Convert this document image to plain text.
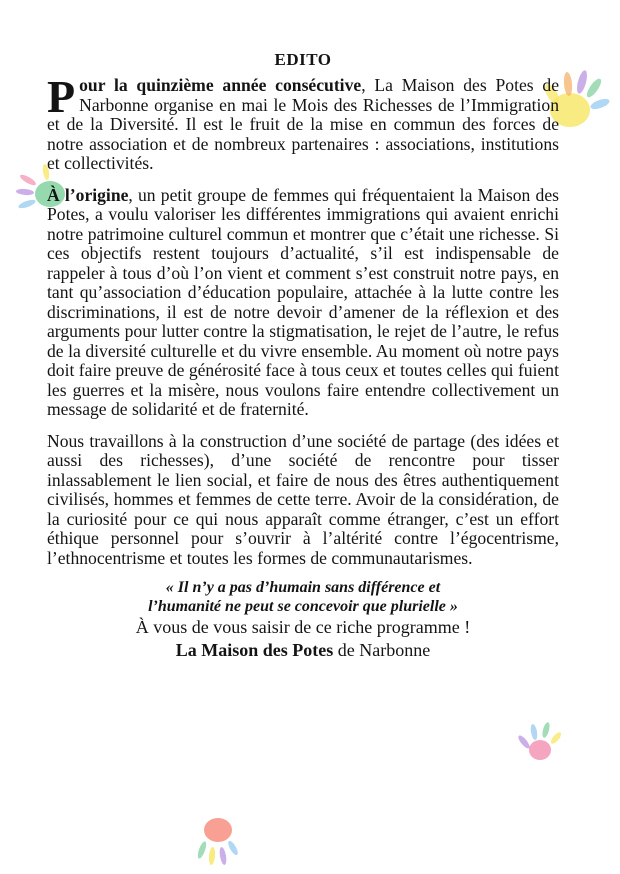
EDITO

Pour la quinzième année consécutive, La Maison des Potes de Narbonne organise en mai le Mois des Richesses de l’Immigration et de la Diversité. Il est le fruit de la mise en commun des forces de notre association et de nombreux partenaires : associations, institutions et collectivités.

À l’origine, un petit groupe de femmes qui fréquentaient la Maison des Potes, a voulu valoriser les différentes immigrations qui avaient enrichi notre patrimoine culturel commun et montrer que c’était une richesse. Si ces objectifs restent toujours d’actualité, s’il est indispensable de rappeler à tous d’où l’on vient et comment s’est construit notre pays, en tant qu’association d’éducation populaire, attachée à la lutte contre les discriminations, il est de notre devoir d’amener de la réflexion et des arguments pour lutter contre la stigmatisation, le rejet de l’autre, le refus de la diversité culturelle et du vivre ensemble. Au moment où notre pays doit faire preuve de générosité face à tous ceux et toutes celles qui fuient les guerres et la misère, nous voulons faire entendre collectivement un message de solidarité et de fraternité.

Nous travaillons à la construction d’une société de partage (des idées et aussi des richesses), d’une société de rencontre pour tisser inlassablement le lien social, et faire de nous des êtres authentiquement civilisés, hommes et femmes de cette terre. Avoir de la considération, de la curiosité pour ce qui nous apparaît comme étranger, c’est un effort éthique personnel pour s’ouvrir à l’altérité contre l’égocentrisme, l’ethnocentrisme et toutes les formes de communautarismes.

« Il n’y a pas d’humain sans différence et
l’humanité ne peut se concevoir que plurielle »
À vous de vous saisir de ce riche programme !
La Maison des Potes de Narbonne
